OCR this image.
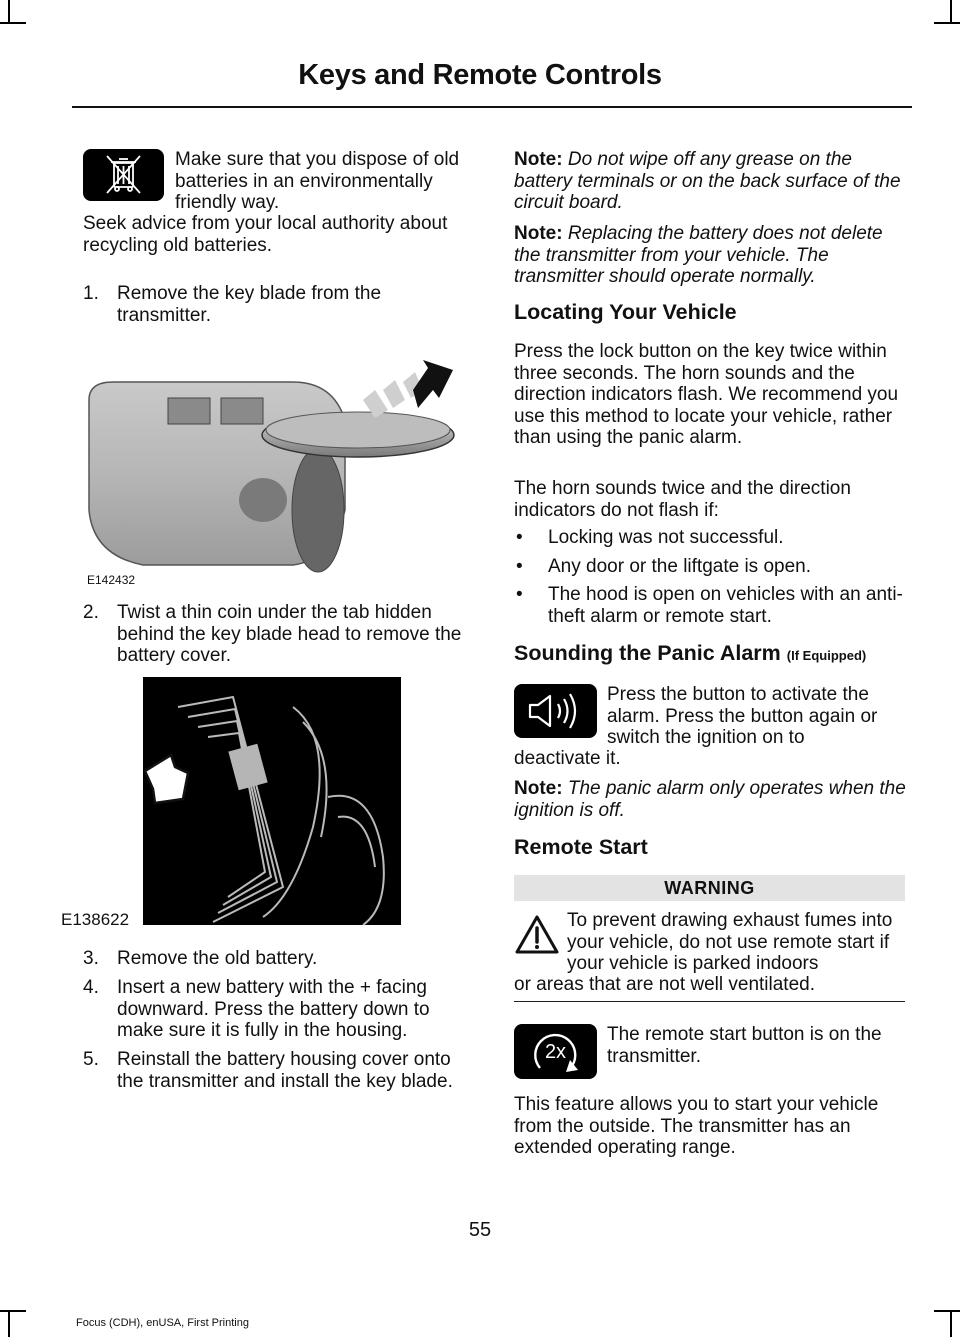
Keys and Remote Controls

Make sure that you dispose of old batteries in an environmentally friendly way.

Seek advice from your local authority about recycling old batteries.

1. Remove the key blade from the transmitter.
E142432
2. Twist a thin coin under the tab hidden behind the key blade head to remove the battery cover.
E138622
3. Remove the old battery.
4. Insert a new battery with the + facing downward. Press the battery down to make sure it is fully in the housing.
5. Reinstall the battery housing cover onto the transmitter and install the key blade.

Note: Do not wipe off any grease on the battery terminals or on the back surface of the circuit board.

Note: Replacing the battery does not delete the transmitter from your vehicle. The transmitter should operate normally.

Locating Your Vehicle

Press the lock button on the key twice within three seconds. The horn sounds and the direction indicators flash. We recommend you use this method to locate your vehicle, rather than using the panic alarm.

The horn sounds twice and the direction indicators do not flash if:

• Locking was not successful.
• Any door or the liftgate is open.
• The hood is open on vehicles with an anti-theft alarm or remote start.
Sounding the Panic Alarm (If Equipped)

Press the button to activate the alarm. Press the button again or switch the ignition on to

deactivate it.

Note: The panic alarm only operates when the ignition is off.

Remote Start
WARNING

To prevent drawing exhaust fumes into your vehicle, do not use remote start if your vehicle is parked indoors

or areas that are not well ventilated.

2x

The remote start button is on the transmitter.

This feature allows you to start your vehicle from the outside. The transmitter has an extended operating range.

55
Focus (CDH), enUSA, First Printing
